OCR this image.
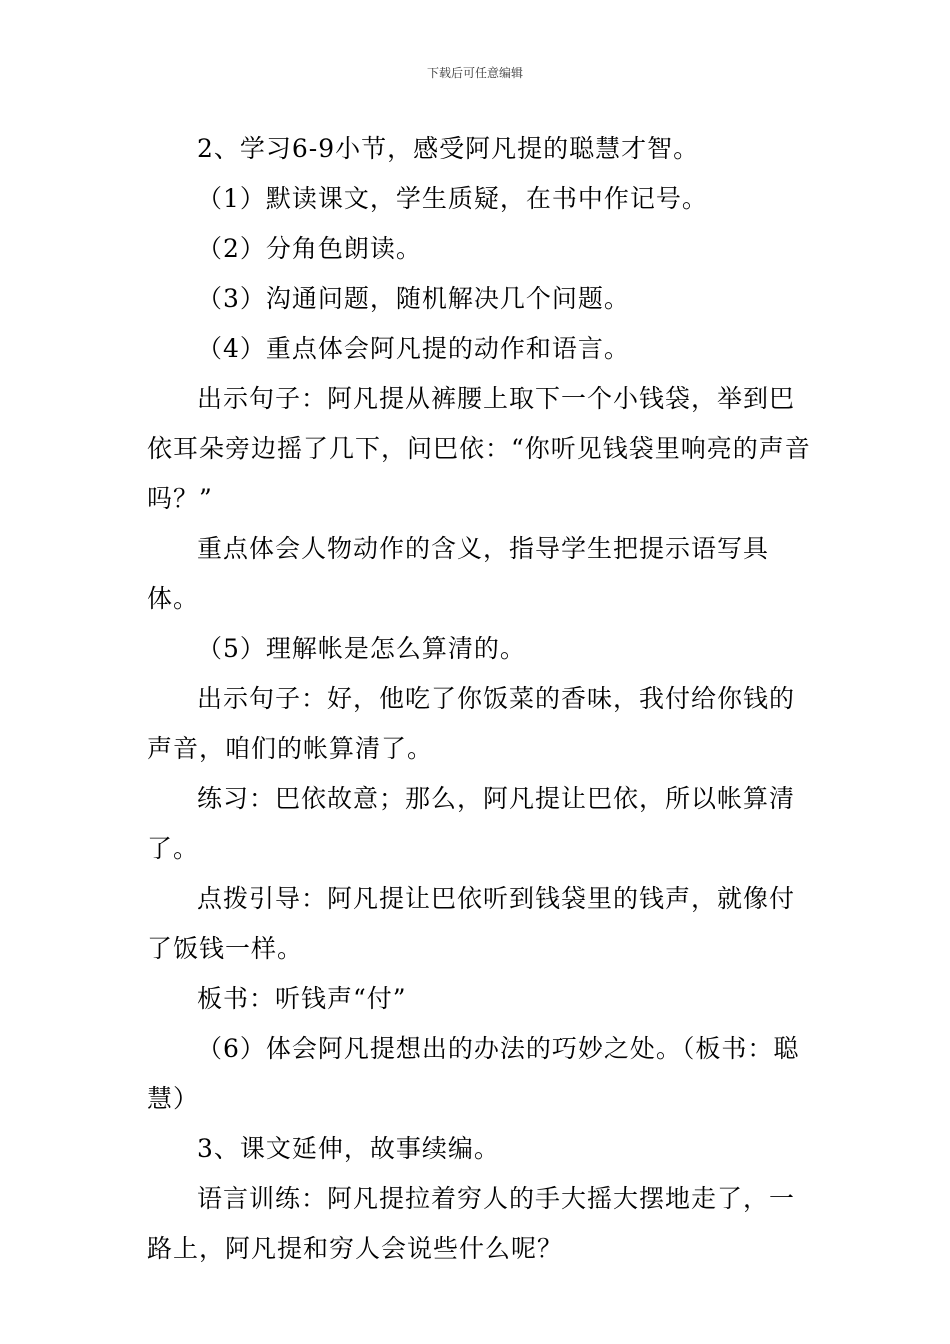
下载后可任意编辑

2、学习6-9小节，感受阿凡提的聪慧才智。

（1）默读课文，学生质疑，在书中作记号。

（2）分角色朗读。

（3）沟通问题，随机解决几个问题。

（4）重点体会阿凡提的动作和语言。

出示句子：阿凡提从裤腰上取下一个小钱袋，举到巴依耳朵旁边摇了几下，问巴依：“你听见钱袋里响亮的声音吗？”

重点体会人物动作的含义，指导学生把提示语写具体。

（5）理解帐是怎么算清的。

出示句子：好，他吃了你饭菜的香味，我付给你钱的声音，咱们的帐算清了。

练习：巴依故意；那么，阿凡提让巴依，所以帐算清了。

点拨引导：阿凡提让巴依听到钱袋里的钱声，就像付了饭钱一样。

板书：听钱声“付”

（6）体会阿凡提想出的办法的巧妙之处。（板书：聪慧）

3、课文延伸，故事续编。

语言训练：阿凡提拉着穷人的手大摇大摆地走了，一路上，阿凡提和穷人会说些什么呢？
